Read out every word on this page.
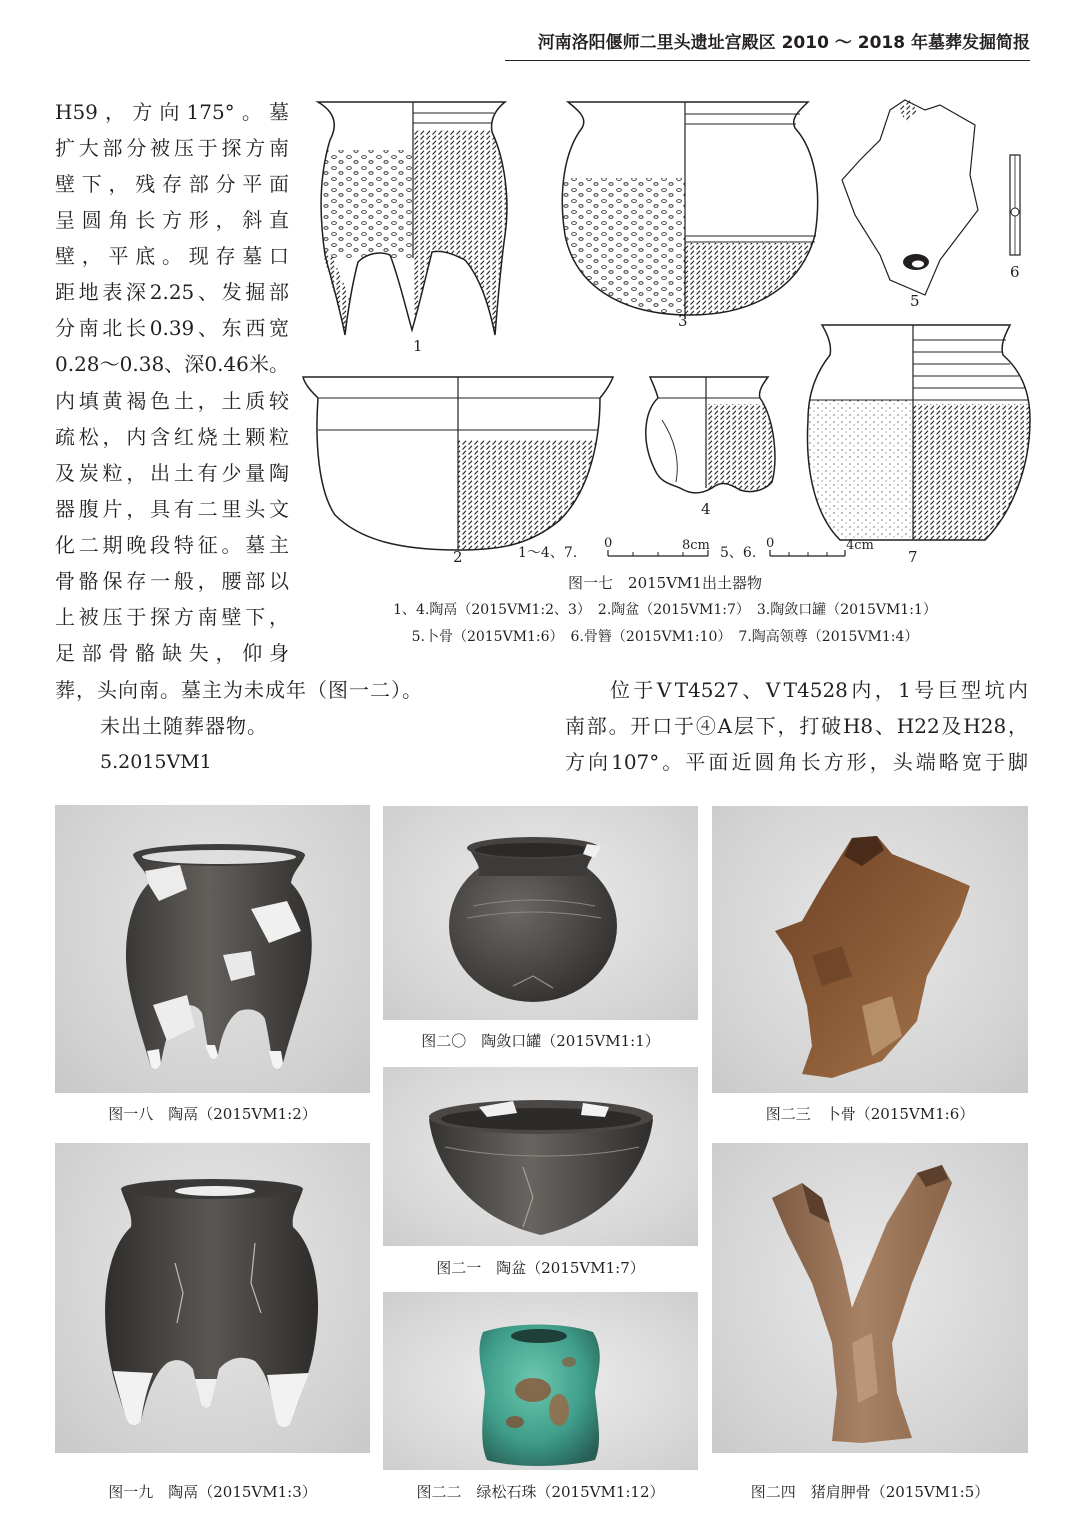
河南洛阳偃师二里头遗址宫殿区 2010 ～ 2018 年墓葬发掘简报
1
2
3
4
5
6
7
1～4、7.
0	8cm 5、6.
0	4cm
图一七　2015ⅤM1出土器物
1、4.陶鬲（2015ⅤM1:2、3）　2.陶盆（2015ⅤM1:7）　3.陶敛口罐（2015ⅤM1:1）
5.卜骨（2015ⅤM1:6）　6.骨簪（2015ⅤM1:10）　7.陶高领尊（2015ⅤM1:4）
H59，方向175°。墓
扩大部分被压于探方南
壁下，残存部分平面
呈圆角长方形，斜直
壁，平底。现存墓口
距地表深2.25、发掘部
分南北长0.39、东西宽
0.28～0.38、深0.46米。
内填黄褐色土，土质较
疏松，内含红烧土颗粒
及炭粒，出土有少量陶
器腹片，具有二里头文
化二期晚段特征。墓主
骨骼保存一般，腰部以
上被压于探方南壁下，
足部骨骼缺失，仰身
葬，头向南。墓主为未成年（图一二）。
未出土随葬器物。
5.2015ⅤM1
位于ⅤT4527、ⅤT4528内，1号巨型坑内
南部。开口于④A层下，打破H8、H22及H28，
方向107°。平面近圆角长方形，头端略宽于脚
图一八　陶鬲（2015ⅤM1:2）
图一九　陶鬲（2015ⅤM1:3）
图二〇　陶敛口罐（2015ⅤM1:1）
图二一　陶盆（2015ⅤM1:7）
图二二　绿松石珠（2015ⅤM1:12）
图二三　卜骨（2015ⅤM1:6）
图二四　猪肩胛骨（2015ⅤM1:5）
